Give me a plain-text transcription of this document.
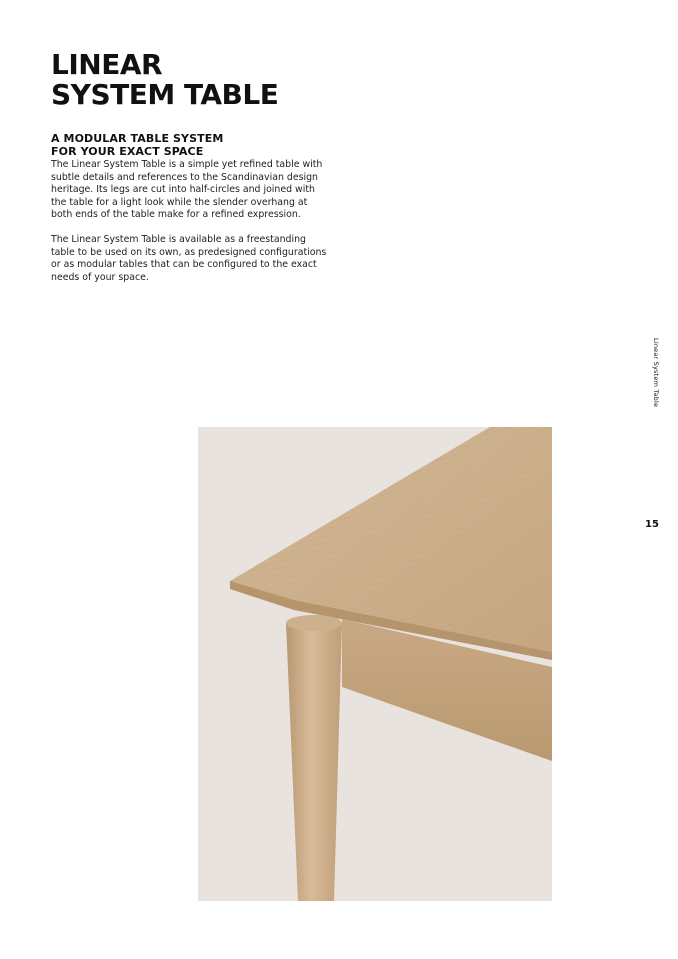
LINEAR
SYSTEM TABLE
A MODULAR TABLE SYSTEM
FOR YOUR EXACT SPACE

The Linear System Table is a simple yet refined table with
subtle details and references to the Scandinavian design
heritage. Its legs are cut into half-circles and joined with
the table for a light look while the slender overhang at
both ends of the table make for a refined expression.

The Linear System Table is available as a freestanding
table to be used on its own, as predesigned configurations
or as modular tables that can be configured to the exact
needs of your space.

Linear System Table
15
